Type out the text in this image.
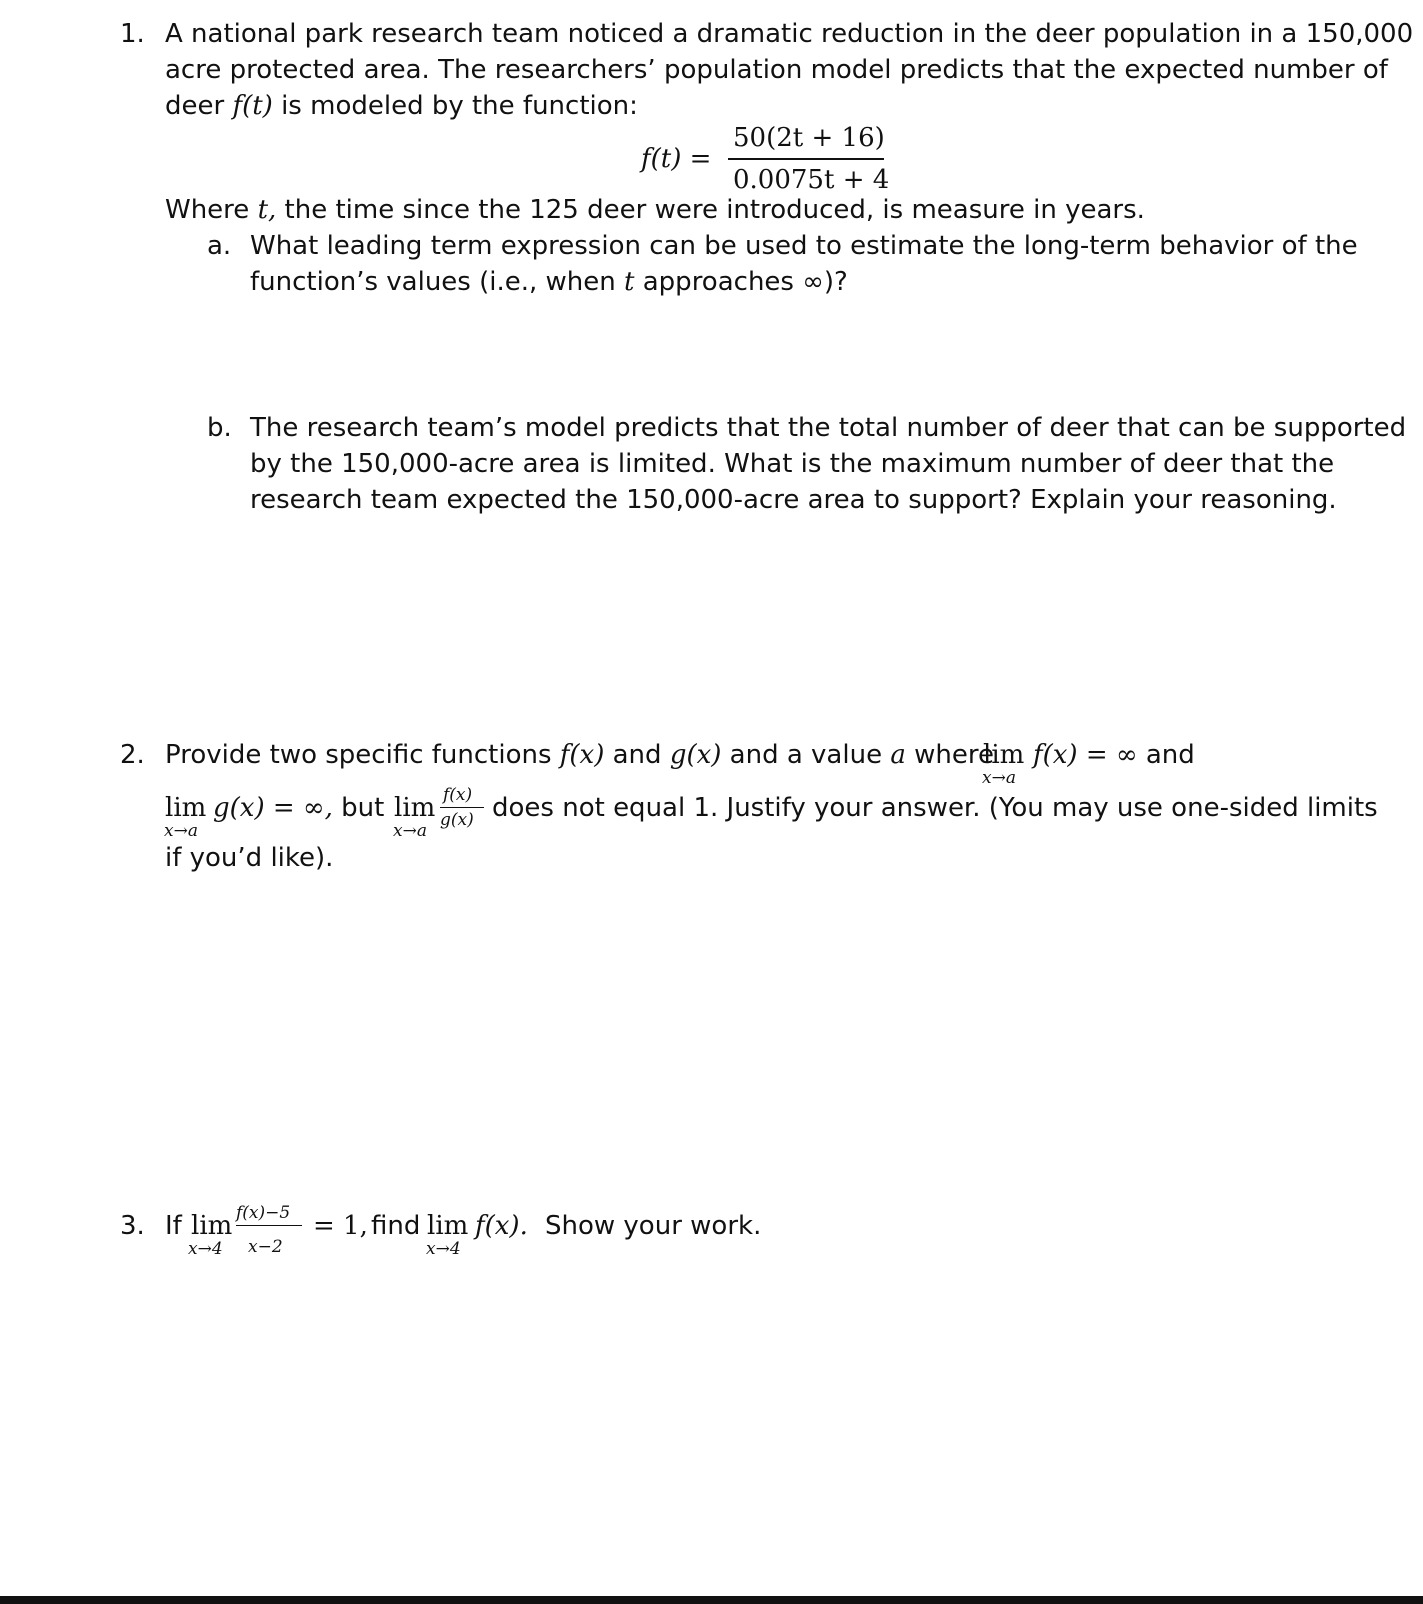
1. A national park research team noticed a dramatic reduction in the deer population in a 150,000
acre protected area. The researchers’ population model predicts that the expected number of
deer f(t) is modeled by the function:
f(t) =
50(2t + 16)
0.0075t + 4
Where t, the time since the 125 deer were introduced, is measure in years.
a. What leading term expression can be used to estimate the long-term behavior of the
function’s values (i.e., when t approaches ∞)?
b. The research team’s model predicts that the total number of deer that can be supported
by the 150,000-acre area is limited. What is the maximum number of deer that the
research team expected the 150,000-acre area to support? Explain your reasoning.
2. Provide two specific functions f(x) and g(x) and a value a where
lim
x→a
f(x) = ∞ and
lim
x→a
g(x) = ∞, but lim
x→a
f(x)
g(x) does not equal 1. Justify your answer. (You may use one-sided limits
if you’d like).
3. If lim
x→4
f(x)−5
x−2
= 1, find lim
x→4
f(x). Show your work.
